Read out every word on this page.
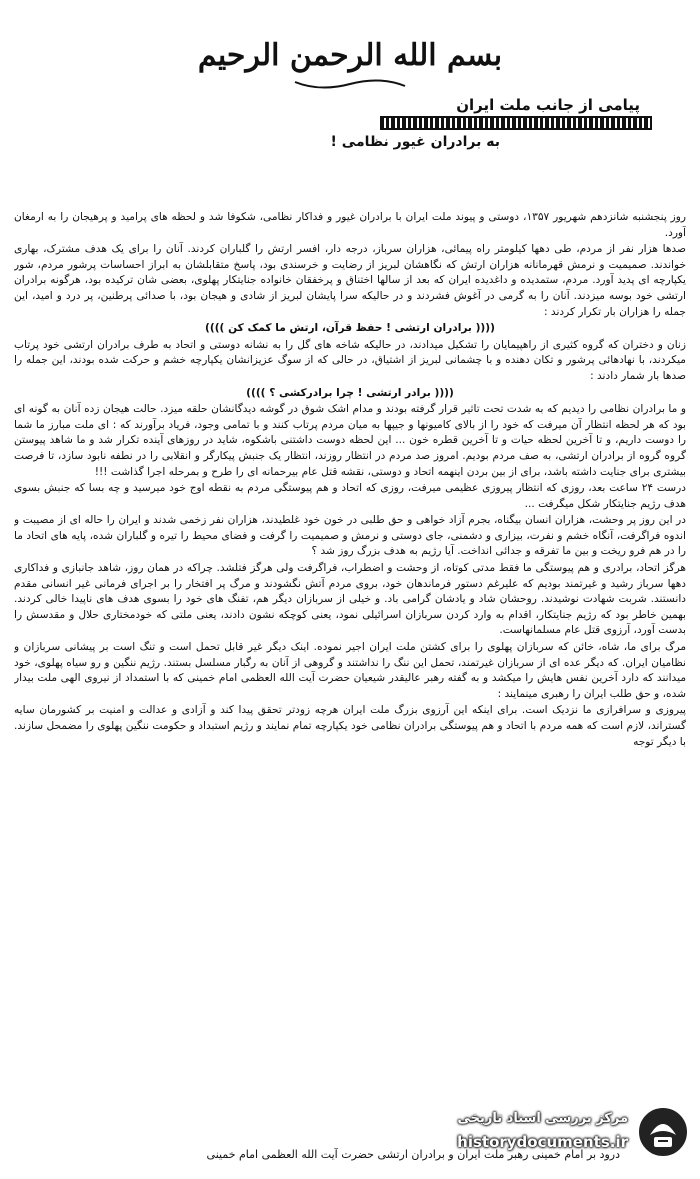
بسم الله الرحمن الرحیم
پیامی از جانب ملت ایران
به برادران غیور نظامی !

روز پنجشنبه شانزدهم شهریور ۱۳۵۷، دوستی و پیوند ملت ایران با برادران غیور و فداکار نظامی، شکوفا شد و لحظه های پرامید و پرهیجان را به ارمغان آورد.

صدها هزار نفر از مردم، طی دهها کیلومتر راه پیمائی، هزاران سرباز، درجه دار، افسر ارتش را گلباران کردند. آنان را برای یک هدف مشترک، بهاری خواندند. صمیمیت و نرمش قهرمانانه هزاران ارتش که نگاهشان لبریز از رضایت و خرسندی بود، پاسخ متقابلشان به ابراز احساسات پرشور مردم، شور یکپارچه ای پدید آورد. مردم، ستمدیده و داغدیده ایران که بعد از سالها اختناق و پرخفقان خانواده جنایتکار پهلوی، بعضی شان ترکیده بود، هرگونه برادران ارتشی خود بوسه میزدند. آنان را به گرمی در آغوش فشردند و در حالیکه سرا پایشان لبریز از شادی و هیجان بود، با صدائی پرطنین، پر درد و امید، این جمله را هزاران بار تکرار کردند :

(((( برادران ارتشی ! حفظ قرآن، ارتش ما کمک کن ))))

زنان و دختران که گروه کثیری از راهپیمایان را تشکیل میدادند، در حالیکه شاخه های گل را به نشانه دوستی و اتحاد به طرف برادران ارتشی خود پرتاب میکردند، با نهادهائی پرشور و تکان دهنده و با چشمانی لبریز از اشتیاق، در حالی که از سوگ عزیزانشان یکپارچه خشم و حرکت شده بودند، این جمله را صدها بار شمار دادند :

(((( برادر ارتشی ! چرا برادرکشی ؟ ))))

و ما برادران نظامی را دیدیم که به شدت تحت تاثیر قرار گرفته بودند و مدام اشک شوق در گوشه دیدگانشان حلقه میزد. حالت هیجان زده آنان به گونه ای بود که هر لحظه انتظار آن میرفت که خود را از بالای کامیونها و جیپها به میان مردم پرتاب کنند و با تمامی وجود، فریاد برآورند که : ای ملت مبارز ما شما را دوست داریم، و تا آخرین لحظه حیات و تا آخرین قطره خون ... این لحظه دوست داشتنی باشکوه، شاید در روزهای آینده تکرار شد و ما شاهد پیوستن گروه گروه از برادران ارتشی، به صف مردم بودیم. امروز صد مردم در انتظار روزند، انتظار یک جنبش پیکارگر و انقلابی را در نطفه نابود سازد، تا فرصت بیشتری برای جنایت داشته باشد، برای از بین بردن اینهمه اتحاد و دوستی، نقشه قتل عام بیرحمانه ای را طرح و بمرحله اجرا گذاشت !!!

درست ۲۴ ساعت بعد، روزی که انتظار پیروزی عظیمی میرفت، روزی که اتحاد و هم پیوستگی مردم به نقطه اوج خود میرسید و چه بسا که جنبش بسوی هدف رژیم جنایتکار شکل میگرفت ...

در این روز پر وحشت، هزاران انسان بیگناه، بجرم آزاد خواهی و حق طلبی در خون خود غلطیدند، هزاران نفر زخمی شدند و ایران را حاله ای از مصیبت و اندوه فراگرفت، آنگاه خشم و نفرت، بیزاری و دشمنی، جای دوستی و نرمش و صمیمیت را گرفت و فضای محیط را تیره و گلباران شده، پایه های اتحاد ما را در هم فرو ریخت و بین ما تفرقه و جدائی انداخت. آیا رژیم به هدف بزرگ روز شد ؟

هرگز اتحاد، برادری و هم پیوستگی ما فقط مدتی کوتاه، از وحشت و اضطراب، فراگرفت ولی هرگز فتلشد. چراکه در همان روز، شاهد جانبازی و فداکاری دهها سرباز رشید و غیرتمند بودیم که علیرغم دستور فرماندهان خود، بروی مردم آتش نگشودند و مرگ پر افتخار را بر اجرای فرمانی غیر انسانی مقدم دانستند. شربت شهادت نوشیدند. روحشان شاد و یادشان گرامی باد. و خیلی از سربازان دیگر هم، تفنگ های خود را بسوی هدف های ناپیدا خالی کردند. بهمین خاطر بود که رژیم جنایتکار، اقدام به وارد کردن سربازان اسرائیلی نمود، یعنی کوچکه نشون دادند، یعنی ملتی که خودمختاری حلال و مقدسش را بدست آورد، آرزوی قتل عام مسلمانهاست.

مرگ برای ما، شاه، خائن که سربازان پهلوی را برای کشتن ملت ایران اجیر نموده. اینک دیگر غیر قابل تحمل است و تنگ است بر پیشانی سربازان و نظامیان ایران. که دیگر عده ای از سربازان غیرتمند، تحمل این ننگ را نداشتند و گروهی از آنان به رگبار مسلسل بستند. رژیم ننگین و رو سیاه پهلوی، خود میدانند که دارد آخرین نفس هایش را میکشد و به گفته رهبر عالیقدر شیعیان حضرت آیت الله العظمی امام خمینی که با استمداد از نیروی الهی ملت بیدار شده، و حق طلب ایران را رهبری مینمایند :

پیروزی و سرافرازی ما نزدیک است. برای اینکه این آرزوی بزرگ ملت ایران هرچه زودتر تحقق پیدا کند و آزادی و عدالت و امنیت بر کشورمان سایه گستراند، لازم است که همه مردم با اتحاد و هم پیوستگی برادران نظامی خود یکپارچه تمام نمایند و رژیم استبداد و حکومت ننگین پهلوی را مضمحل سازند. با دیگر توجه

درود بر امام خمینی رهبر ملت ایران و برادران ارتشی حضرت آیت الله العظمی امام خمینی
مرکز بررسی اسناد تاریخی
historydocuments.ir
